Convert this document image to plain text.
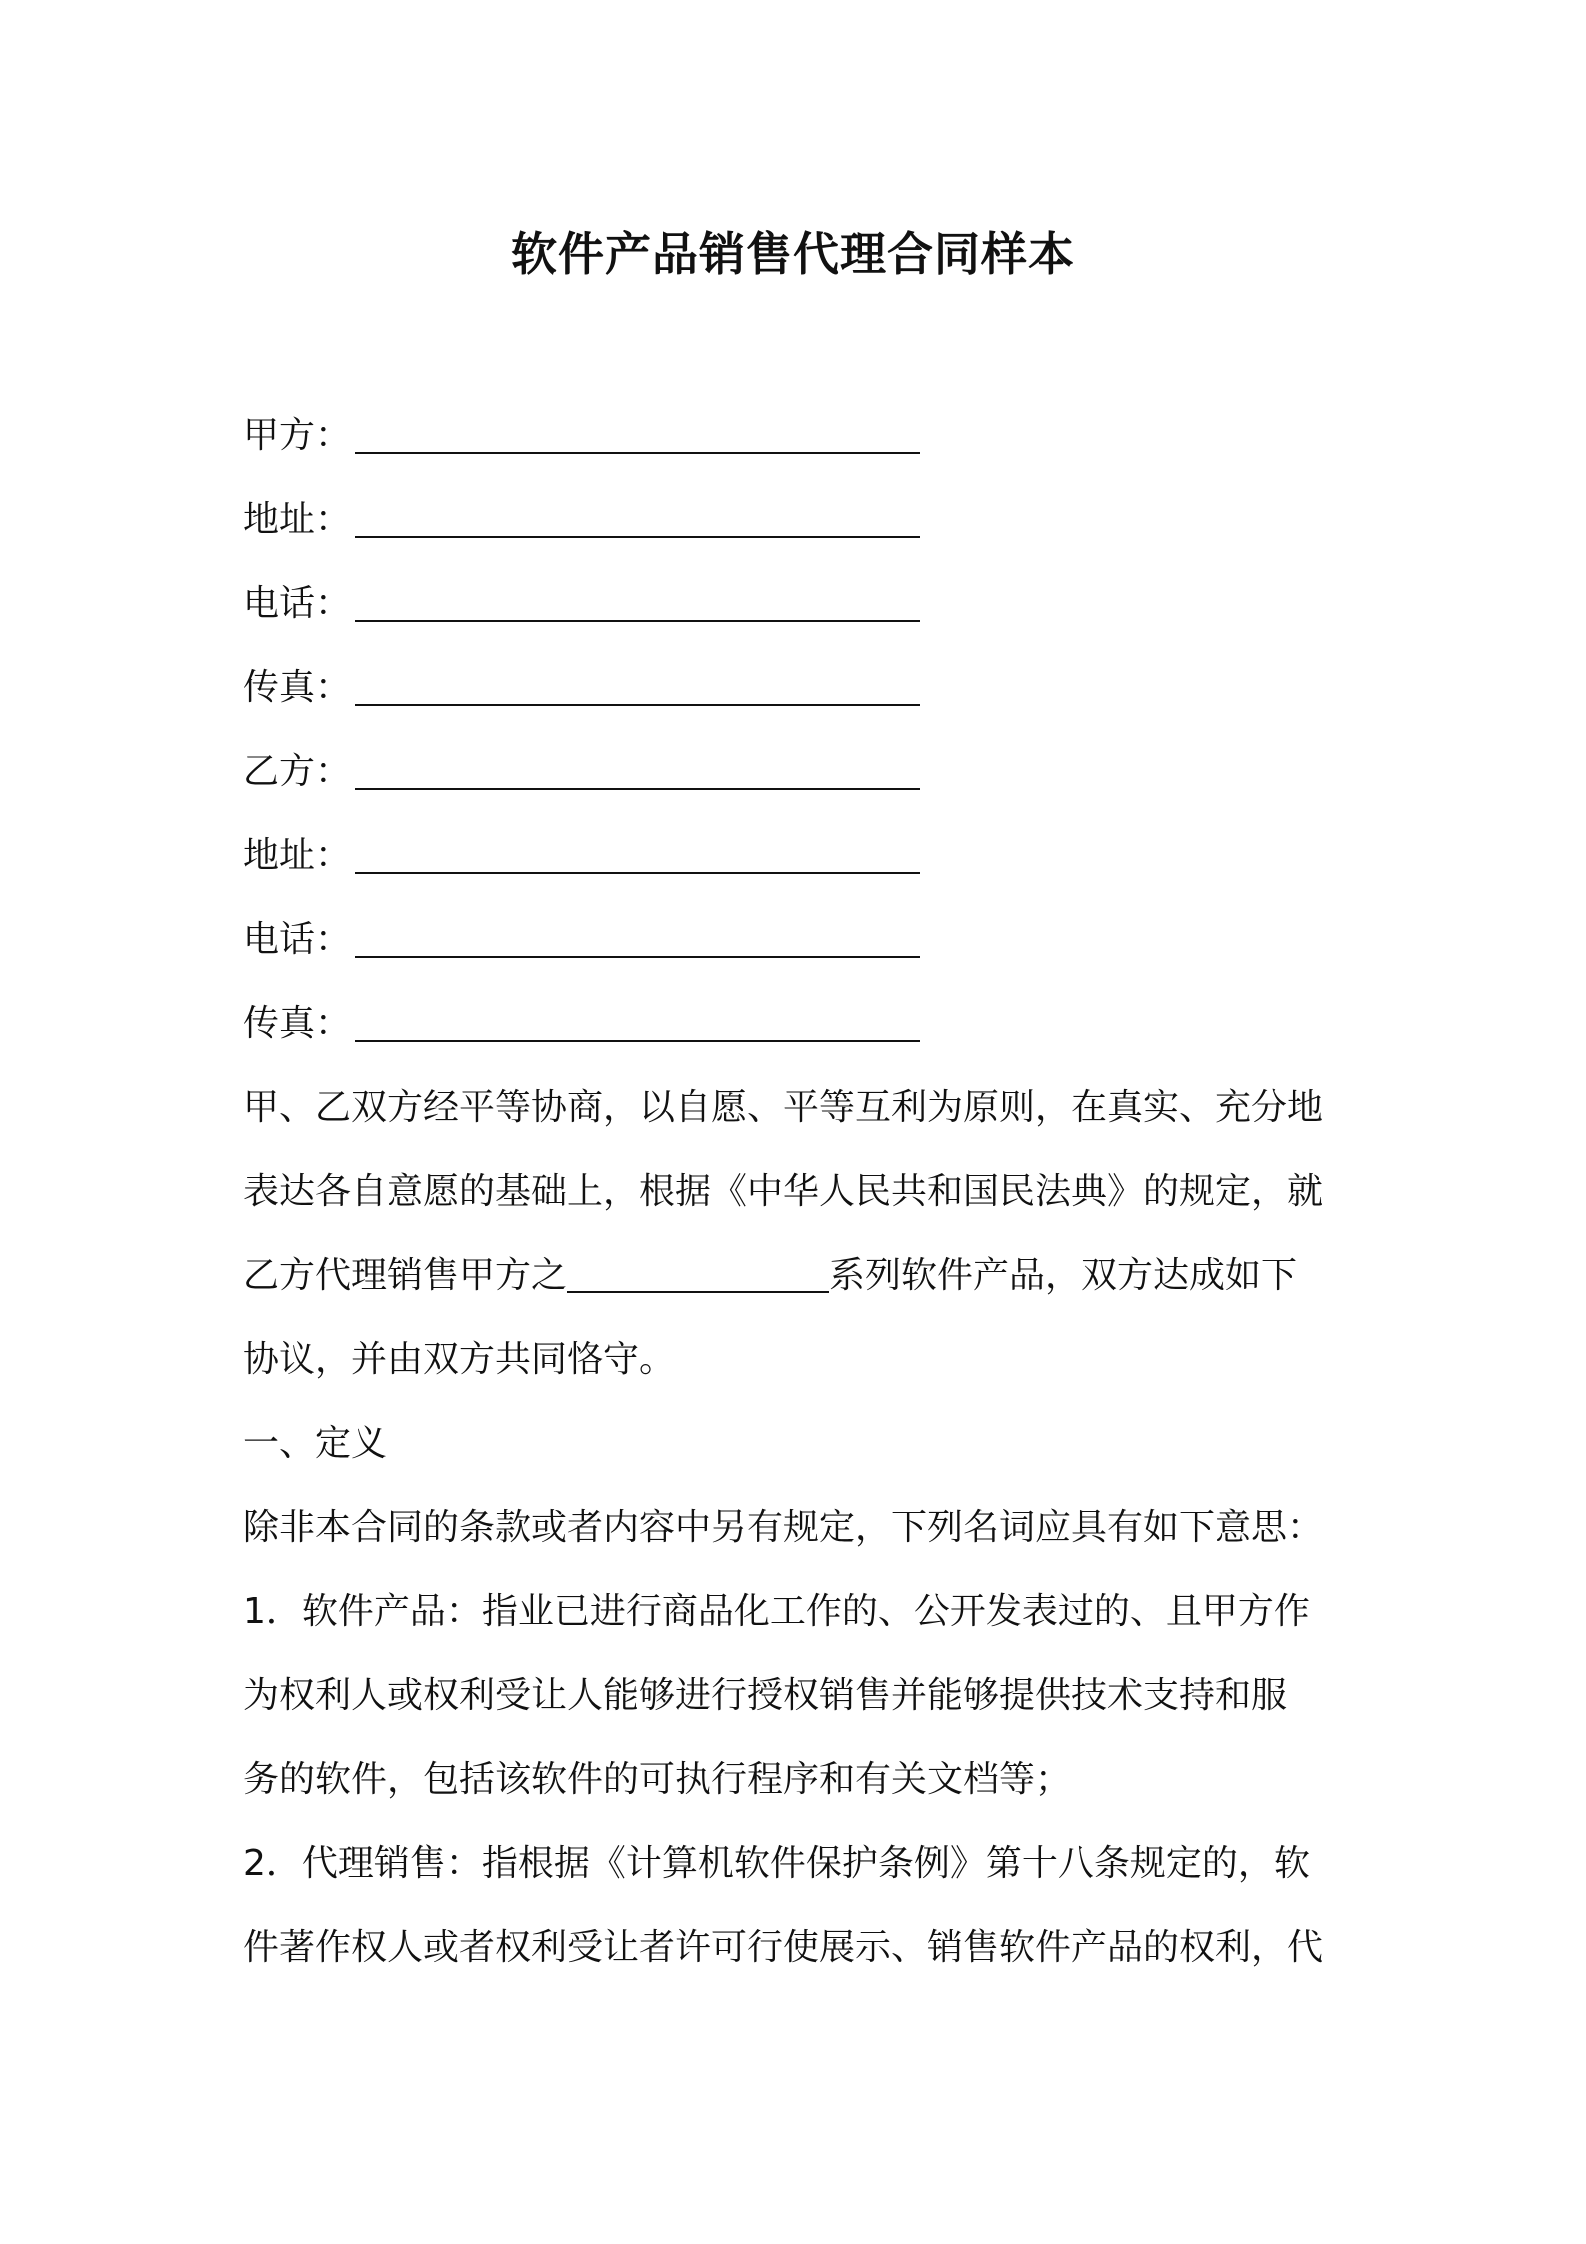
软件产品销售代理合同样本
甲方：
地址：
电话：
传真：
乙方：
地址：
电话：
传真：
甲、乙双方经平等协商，以自愿、平等互利为原则，在真实、充分地
表达各自意愿的基础上，根据《中华人民共和国民法典》的规定，就
乙方代理销售甲方之	系列软件产品，双方达成如下
协议，并由双方共同恪守。
一、定义
除非本合同的条款或者内容中另有规定，下列名词应具有如下意思：
1．软件产品：指业已进行商品化工作的、公开发表过的、且甲方作
为权利人或权利受让人能够进行授权销售并能够提供技术支持和服
务的软件，包括该软件的可执行程序和有关文档等；
2．代理销售：指根据《计算机软件保护条例》第十八条规定的，软
件著作权人或者权利受让者许可行使展示、销售软件产品的权利，代
